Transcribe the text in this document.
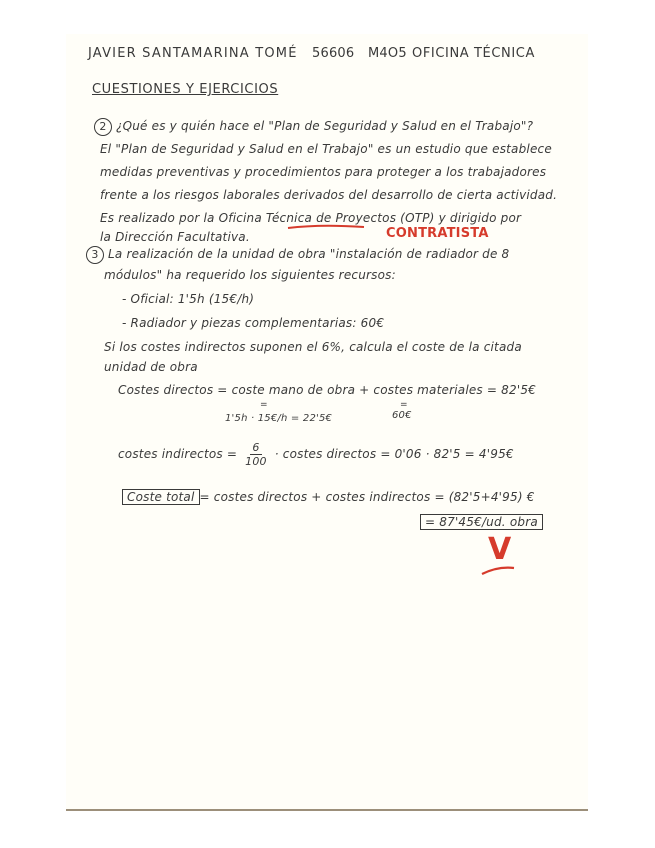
JAVIER SANTAMARINA TOMÉ 56606 M4O5 OFICINA TÉCNICA
CUESTIONES Y EJERCICIOS
2 ¿Qué es y quién hace el "Plan de Seguridad y Salud en el Trabajo"?
El "Plan de Seguridad y Salud en el Trabajo" es un estudio que establece
medidas preventivas y procedimientos para proteger a los trabajadores
frente a los riesgos laborales derivados del desarrollo de cierta actividad.
Es realizado por la Oficina Técnica de Proyectos (OTP) y dirigido por
la Dirección Facultativa.	CONTRATISTA
3 La realización de la unidad de obra "instalación de radiador de 8
módulos" ha requerido los siguientes recursos:
- Oficial: 1'5h (15€/h)
- Radiador y piezas complementarias: 60€
Si los costes indirectos suponen el 6%, calcula el coste de la citada
unidad de obra
Costes directos = coste mano de obra + costes materiales = 82'5€
=	=
1'5h · 15€/h = 22'5€	60€
costes indirectos = $\frac{6}{100}$ · costes directos = 0'06 · 82'5 = 4'95€
Coste total = costes directos + costes indirectos = (82'5+4'95) €
= 87'45€/ud. obra
V
